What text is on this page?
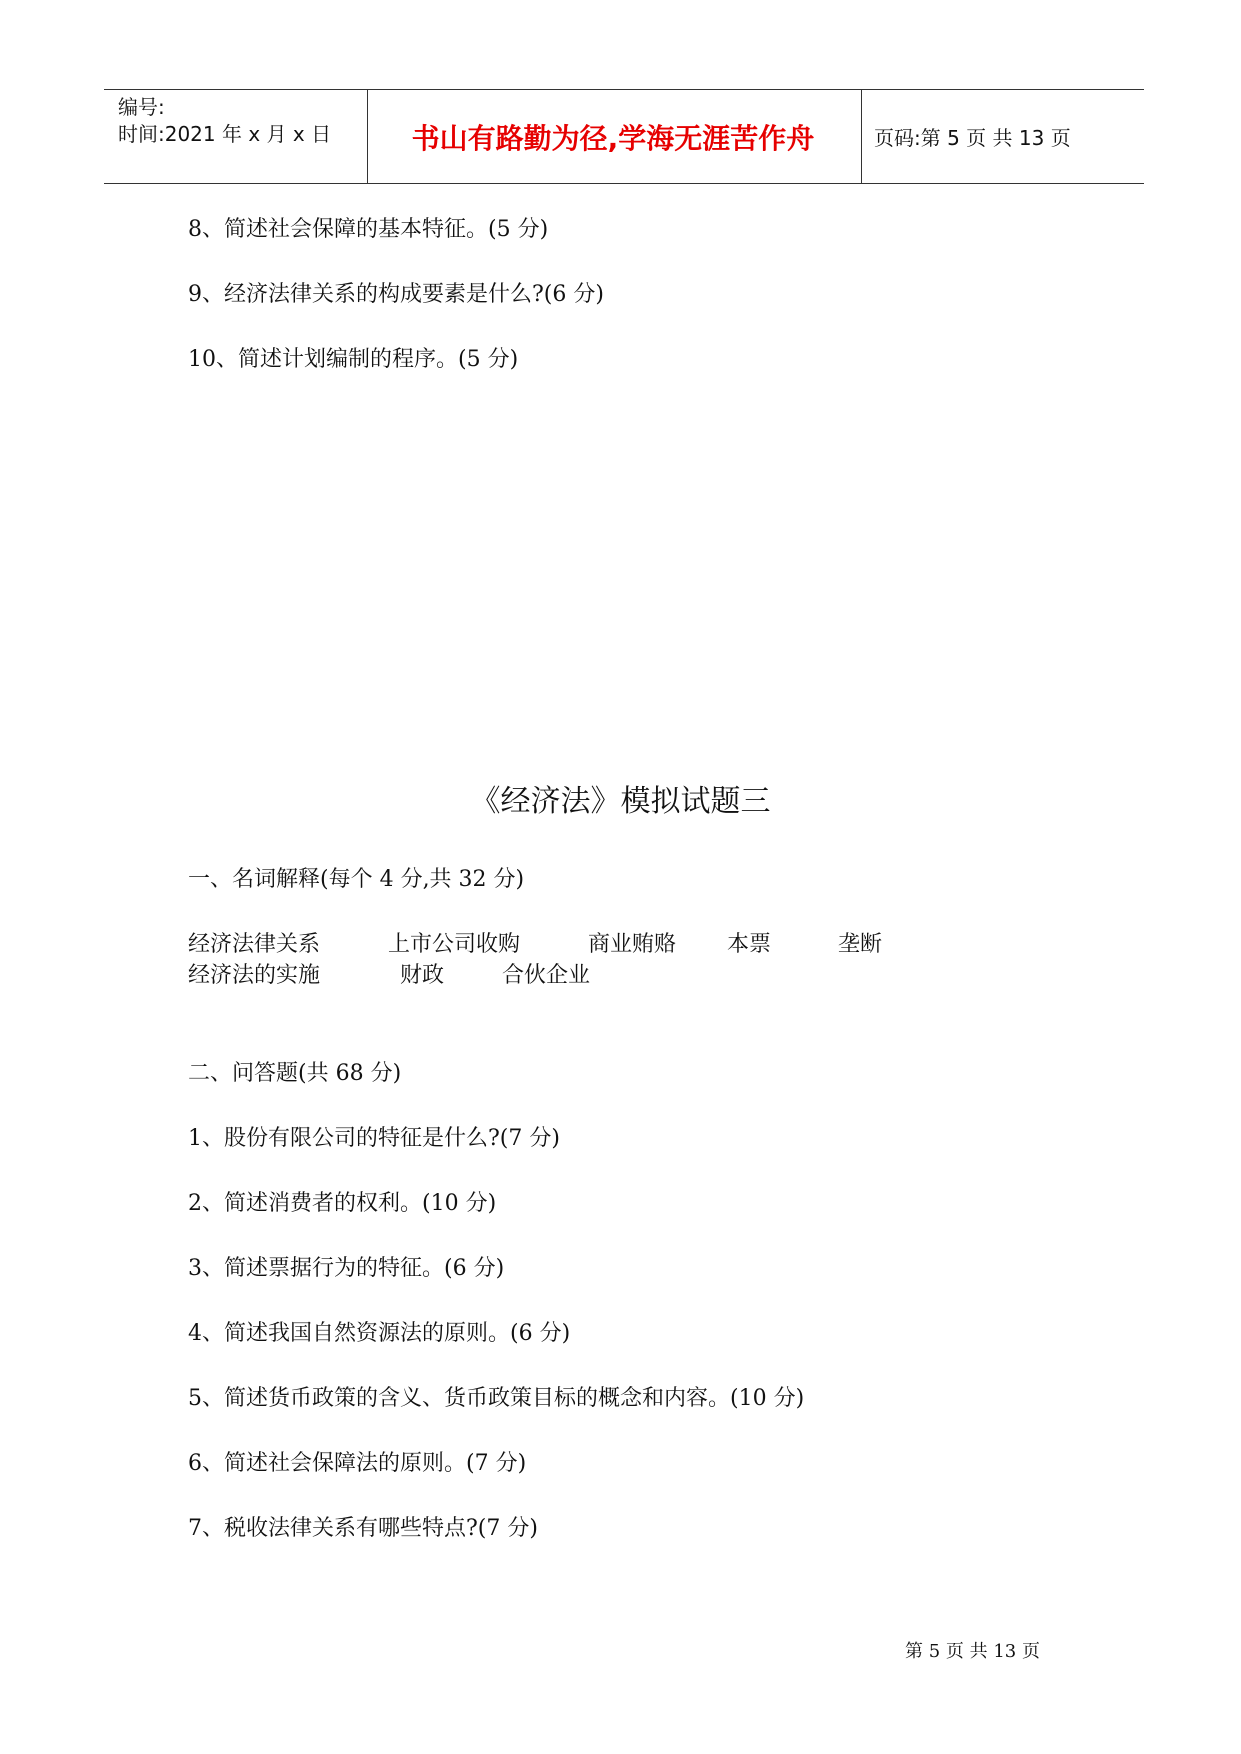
编号:
时间:2021 年 x 月 x 日	书山有路勤为径,学海无涯苦作舟	页码:第 5 页 共 13 页
8、简述社会保障的基本特征。(5 分)
9、经济法律关系的构成要素是什么?(6 分)
10、简述计划编制的程序。(5 分)
《经济法》模拟试题三
一、名词解释(每个 4 分,共 32 分)
经济法律关系	上市公司收购	商业贿赂 本票	垄断
经济法的实施	财政	合伙企业
二、问答题(共 68 分)
1、股份有限公司的特征是什么?(7 分)
2、简述消费者的权利。(10 分)
3、简述票据行为的特征。(6 分)
4、简述我国自然资源法的原则。(6 分)
5、简述货币政策的含义、货币政策目标的概念和内容。(10 分)
6、简述社会保障法的原则。(7 分)
7、税收法律关系有哪些特点?(7 分)
第 5 页 共 13 页
